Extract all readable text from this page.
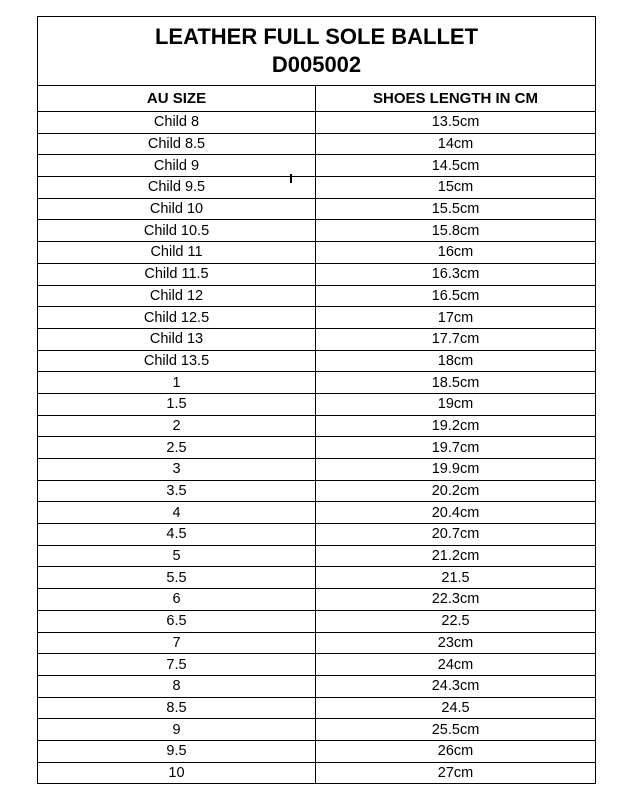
LEATHER FULL SOLE BALLET
D005002	

AU SIZE	SHOES LENGTH IN CM
Child 8	13.5cm
Child 8.5	14cm
Child 9	14.5cm
Child 9.5	15cm
Child 10	15.5cm
Child 10.5	15.8cm
Child 11	16cm
Child 11.5	16.3cm
Child 12	16.5cm
Child 12.5	17cm
Child 13	17.7cm
Child 13.5	18cm
1	18.5cm
1.5	19cm
2	19.2cm
2.5	19.7cm
3	19.9cm
3.5	20.2cm
4	20.4cm
4.5	20.7cm
5	21.2cm
5.5	21.5
6	22.3cm
6.5	22.5
7	23cm
7.5	24cm
8	24.3cm
8.5	24.5
9	25.5cm
9.5	26cm
10	27cm
